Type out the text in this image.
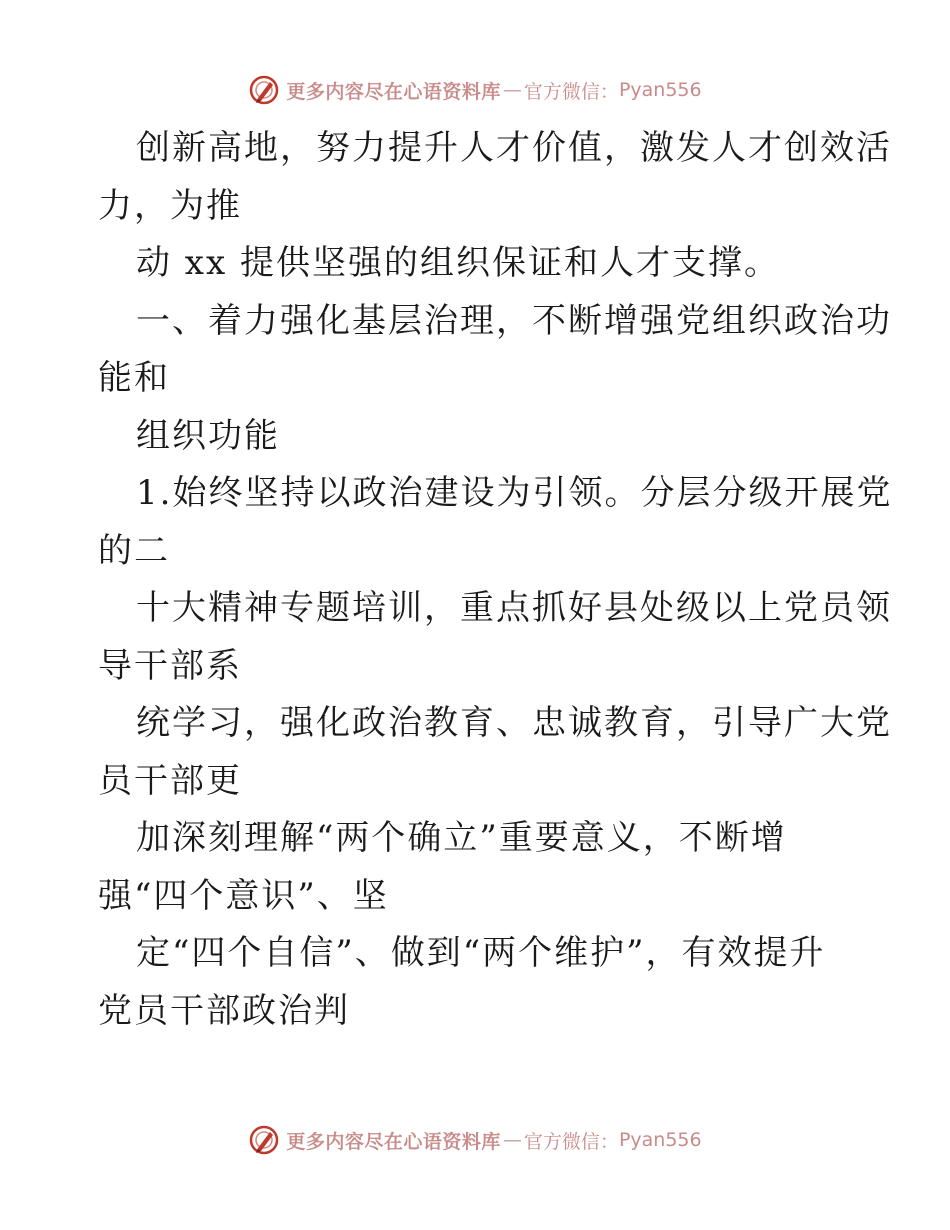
更多内容尽在心语资料库 — 官方微信： Pyan556
创新高地，努力提升人才价值，激发人才创效活
力，为推
动 xx 提供坚强的组织保证和人才支撑。
一、着力强化基层治理，不断增强党组织政治功
能和
组织功能
1.始终坚持以政治建设为引领。分层分级开展党
的二
十大精神专题培训，重点抓好县处级以上党员领
导干部系
统学习，强化政治教育、忠诚教育，引导广大党
员干部更
加深刻理解“两个确立”重要意义，不断增
强“四个意识”、坚
定“四个自信”、做到“两个维护”，有效提升
党员干部政治判
更多内容尽在心语资料库 — 官方微信： Pyan556
